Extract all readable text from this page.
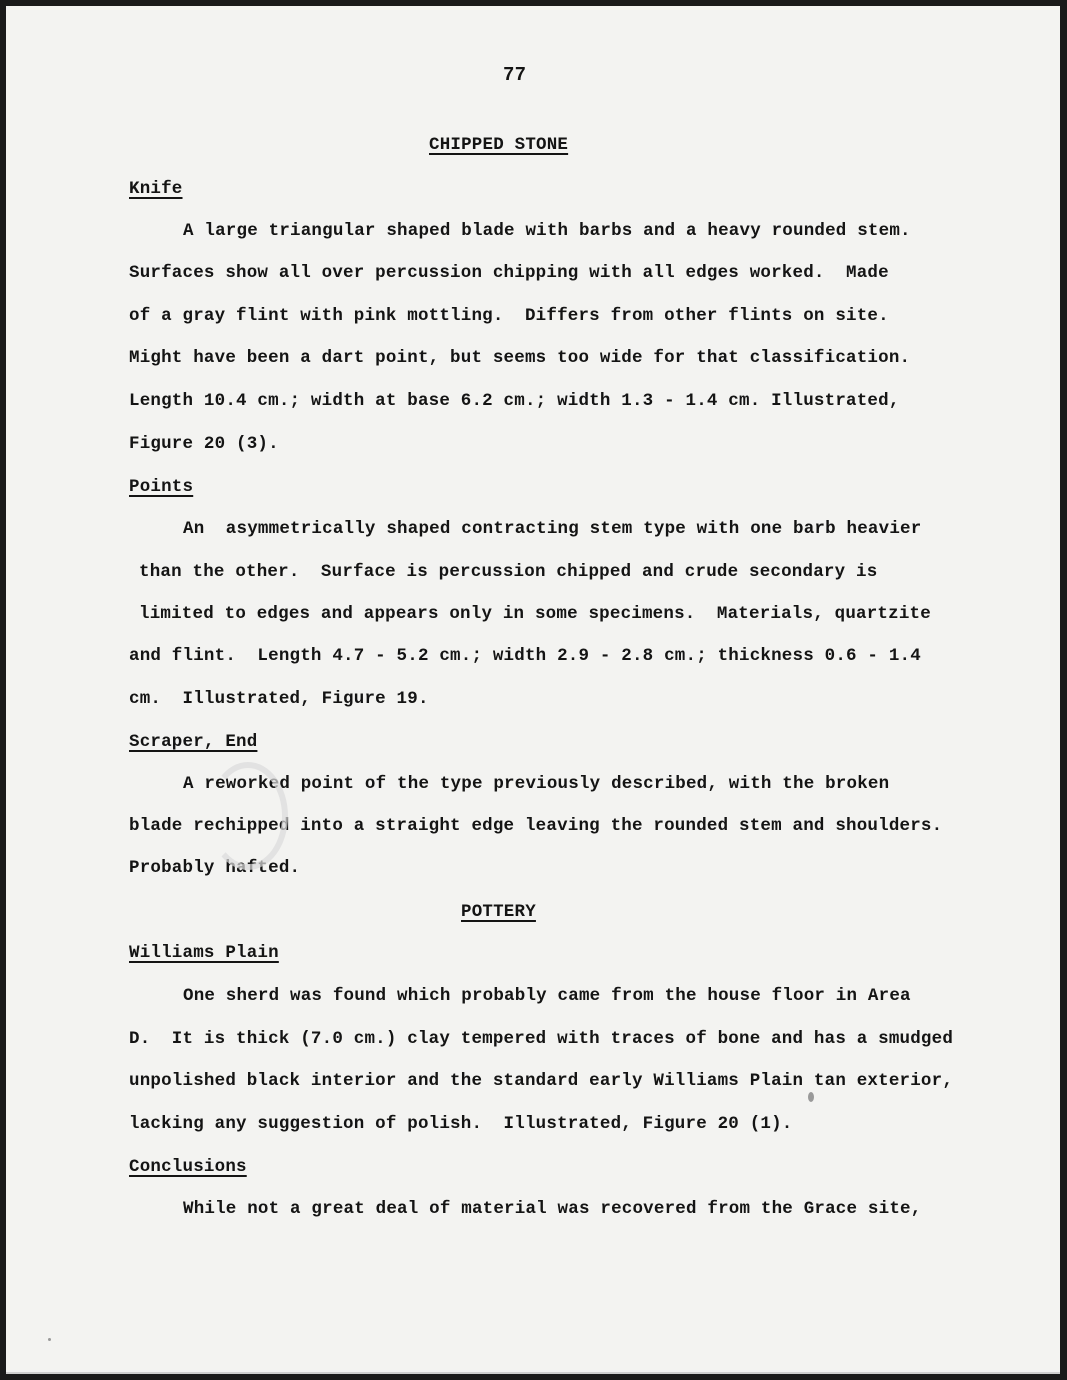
77
CHIPPED STONE
Knife
A large triangular shaped blade with barbs and a heavy rounded stem.
Surfaces show all over percussion chipping with all edges worked.  Made
of a gray flint with pink mottling.  Differs from other flints on site.
Might have been a dart point, but seems too wide for that classification.
Length 10.4 cm.; width at base 6.2 cm.; width 1.3 - 1.4 cm. Illustrated,
Figure 20 (3).
Points
An  asymmetrically shaped contracting stem type with one barb heavier
than the other.  Surface is percussion chipped and crude secondary is
limited to edges and appears only in some specimens.  Materials, quartzite
and flint.  Length 4.7 - 5.2 cm.; width 2.9 - 2.8 cm.; thickness 0.6 - 1.4
cm.  Illustrated, Figure 19.
Scraper, End
A reworked point of the type previously described, with the broken
blade rechipped into a straight edge leaving the rounded stem and shoulders.
Probably hafted.
POTTERY
Williams Plain
One sherd was found which probably came from the house floor in Area
D.  It is thick (7.0 cm.) clay tempered with traces of bone and has a smudged
unpolished black interior and the standard early Williams Plain tan exterior,
lacking any suggestion of polish.  Illustrated, Figure 20 (1).
Conclusions
While not a great deal of material was recovered from the Grace site,
